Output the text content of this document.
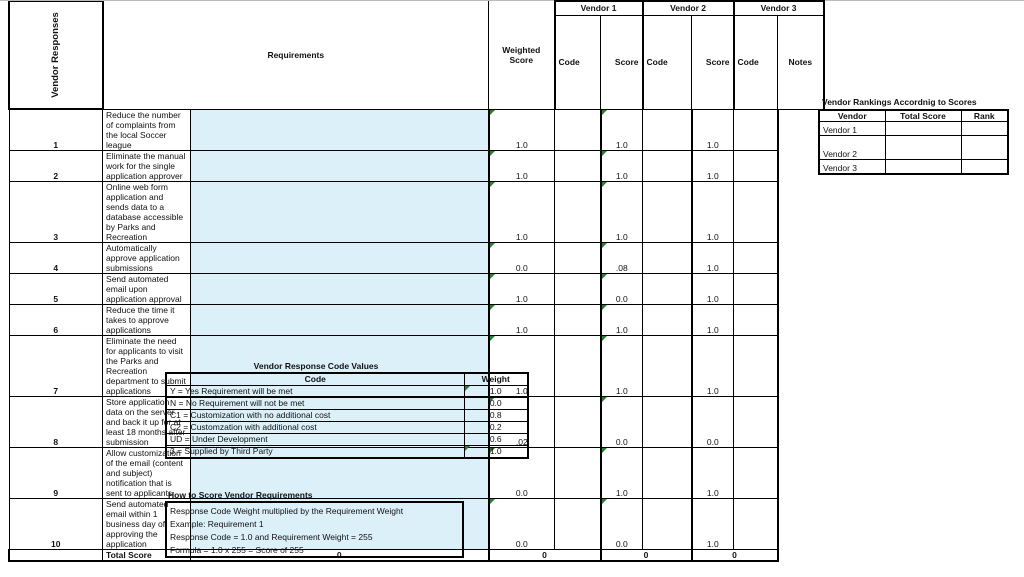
Vendor Responses	Requirements		Weighted Score	Vendor 1		Vendor 2		Vendor 3	
				Code	Score	Code	Score	Code	Notes
1	Reduce the number of complaints from the local Soccer league		1.0		1.0		1.0		
2	Eliminate the manual work for the single application approver		1.0		1.0		1.0		
3	Online web form application and sends data to a database accessible by Parks and Recreation		1.0		1.0		1.0		
4	Automatically approve application submissions		0.0		.08		1.0		
5	Send automated email upon application approval		1.0		0.0		1.0		
6	Reduce the time it takes to approve applications		1.0		1.0		1.0		
7	Eliminate the need for applicants to visit the Parks and Recreation department to submit applications		1.0		1.0		1.0		
8	Store application data on the server and back it up for at least 18 months after submission		.02		0.0		0.0		
9	Allow customization of the email (content and subject) notification that is sent to applicants		0.0		1.0		1.0		
10	Send automated email within 1 business day of approving the application		0.0		0.0		1.0		
	Total Score	0	0		0		0		
Vendor Rankings Accordnig to Scores
Vendor	Total Score	Rank
Vendor 1		
Vendor 2		
Vendor 3		
Vendor Response Code Values
Code	Weight
Y = Yes Requirement will be met	1.0
N = No Requirement will not be met	0.0
C1 = Customization with no additional cost	0.8
C2 = Customzation with additional cost	0.2
UD = Under Development	0.6
3 = Supplied by Third Party	1.0
How to Score Vendor Requirements
Response Code Weight multiplied by the Requirement Weight
Example: Requirement 1
Response Code = 1.0 and Requirement Weight = 255
Formula = 1.0 x 255 = Score of 255
